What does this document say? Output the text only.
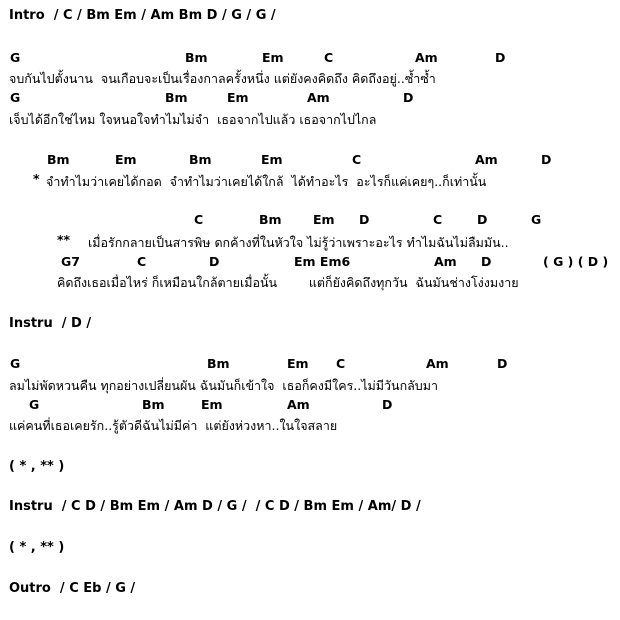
Intro  / C / Bm Em / Am Bm D / G / G /
G	Bm	Em	C	Am	D
จบกันไปตั้งนาน  จนเกือบจะเป็นเรื่องกาลครั้งหนึ่ง แต่ยังคงคิดถึง คิดถึงอยู่..ซ้ำซ้ำ
G	Bm	Em	Am	D
เจ็บได้อีกใช่ไหม ใจหนอใจทำไมไม่จำ  เธอจากไปแล้ว เธอจากไปไกล
Bm	Em	Bm	Em	C	Am	D
* จำทำไมว่าเคยได้กอด  จำทำไมว่าเคยได้ใกล้  ได้ทำอะไร  อะไรก็แค่เคยๆ..ก็เท่านั้น
C	Bm	Em D	C	D	G
** เมื่อรักกลายเป็นสารพิษ ดกค้างที่ในหัวใจ ไม่รู้ว่าเพราะอะไร ทำไมฉันไม่ลืมมัน..
G7	C	D	Em Em6	Am D	( G ) ( D )
คิดถึงเธอเมื่อไหร่ ก็เหมือนใกล้ตายเมื่อนั้น        แต่ก็ยังคิดถึงทุกวัน  ฉันมันช่างโง่งมงาย
Instru  / D /
G	Bm	Em C	Am	D
ลมไม่พัดหวนคืน ทุกอย่างเปลี่ยนผัน ฉันมันก็เข้าใจ  เธอก็คงมีใคร..ไม่มีวันกลับมา
G	Bm	Em	Am	D
แค่คนที่เธอเคยรัก..รู้ตัวดีฉันไม่มีค่า  แต่ยังห่วงหา..ในใจสลาย
( * , ** )
Instru  / C D / Bm Em / Am D / G /  / C D / Bm Em / Am/ D /
( * , ** )
Outro  / C Eb / G /
